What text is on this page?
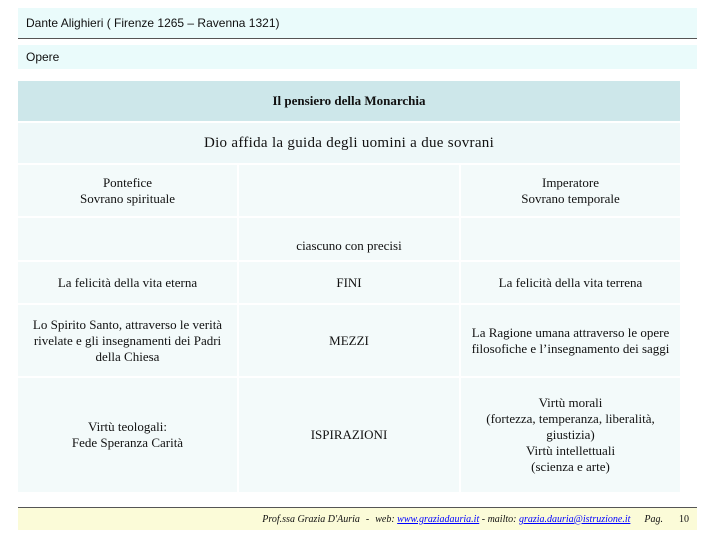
Dante Alighieri ( Firenze 1265 – Ravenna 1321)
Opere
Il pensiero della Monarchia
Dio affida la guida degli uomini a due sovrani
Pontefice
Sovrano spirituale
Imperatore
Sovrano temporale
ciascuno con precisi
La felicità della vita eterna	FINI	La felicità della vita terrena
Lo Spirito Santo, attraverso le verità rivelate e gli insegnamenti dei Padri della Chiesa
MEZZI
La Ragione umana attraverso le opere filosofiche e l’insegnamento dei saggi
Virtù teologali:
Fede Speranza Carità
ISPIRAZIONI
Virtù morali
(fortezza, temperanza, liberalità, giustizia)
Virtù intellettuali
(scienza e arte)
Prof.ssa Grazia D'Auria - web:
www.graziadauria.it
- mailto:
grazia.dauria@istruzione.it Pag. 10
